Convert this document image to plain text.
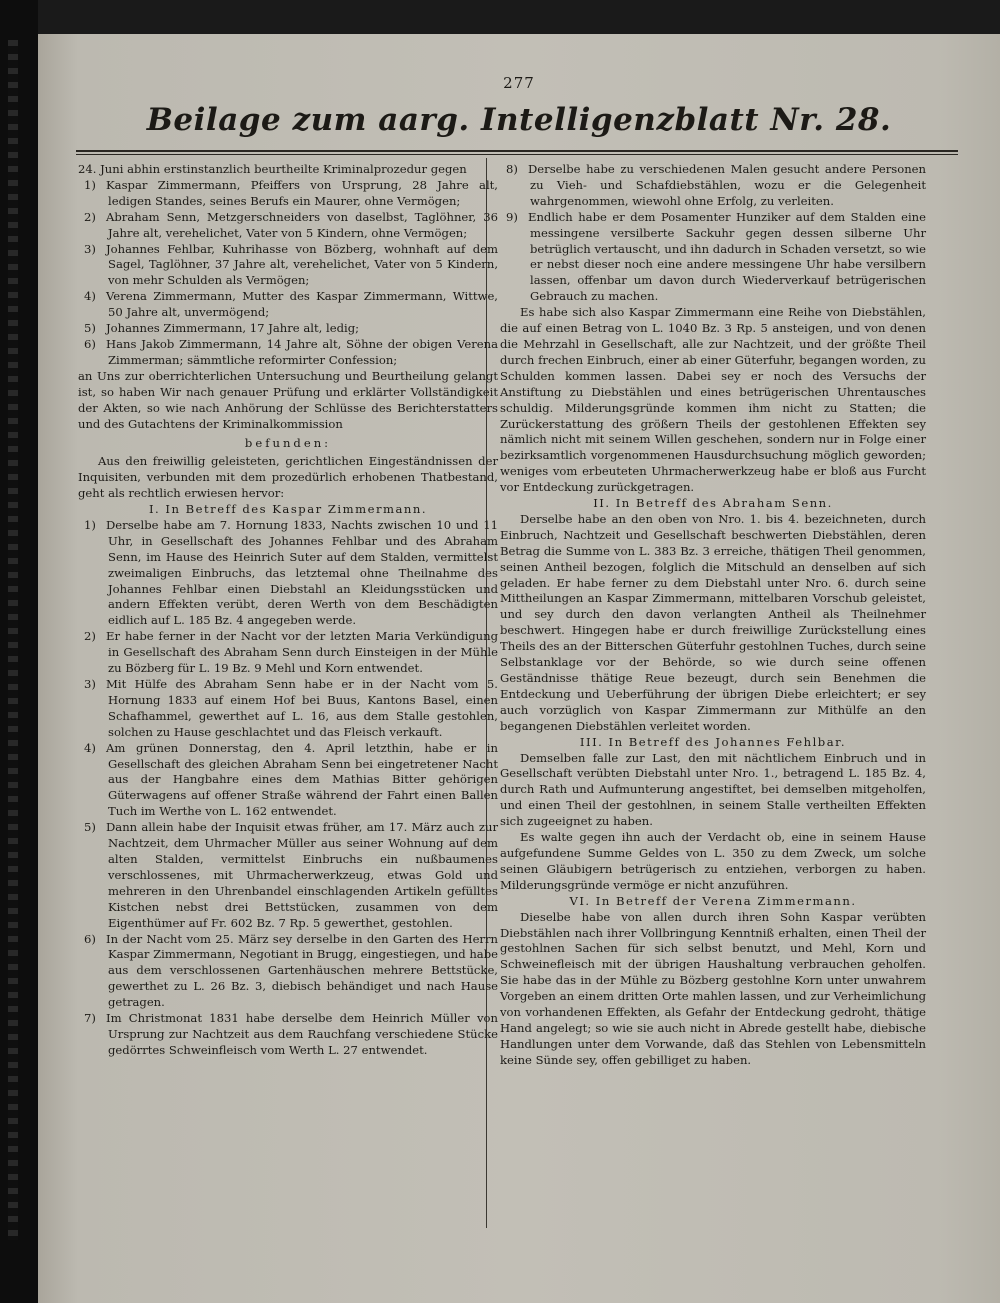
277
Beilage zum aarg. Intelligenzblatt Nr. 28.

24. Juni abhin erstinstanzlich beurtheilte Kriminalprozedur gegen

1) Kaspar Zimmermann, Pfeiffers von Ursprung, 28 Jahre alt, ledigen Standes, seines Berufs ein Maurer, ohne Vermögen;

2) Abraham Senn, Metzgerschneiders von daselbst, Taglöhner, 36 Jahre alt, verehelichet, Vater von 5 Kindern, ohne Vermögen;

3) Johannes Fehlbar, Kuhrihasse von Bözberg, wohnhaft auf dem Sagel, Taglöhner, 37 Jahre alt, verehelichet, Vater von 5 Kindern, von mehr Schulden als Vermögen;

4) Verena Zimmermann, Mutter des Kaspar Zimmermann, Wittwe, 50 Jahre alt, unvermögend;

5) Johannes Zimmermann, 17 Jahre alt, ledig;

6) Hans Jakob Zimmermann, 14 Jahre alt, Söhne der obigen Verena Zimmerman; sämmtliche reformirter Confession;

an Uns zur oberrichterlichen Untersuchung und Beurtheilung gelangt ist, so haben Wir nach genauer Prüfung und erklärter Vollständigkeit der Akten, so wie nach Anhörung der Schlüsse des Berichterstatters und des Gutachtens der Kriminalkommission

befunden:

Aus den freiwillig geleisteten, gerichtlichen Eingeständnissen der Inquisiten, verbunden mit dem prozedürlich erhobenen Thatbestand, geht als rechtlich erwiesen hervor:

I. In Betreff des Kaspar Zimmermann.

1) Derselbe habe am 7. Hornung 1833, Nachts zwischen 10 und 11 Uhr, in Gesellschaft des Johannes Fehlbar und des Abraham Senn, im Hause des Heinrich Suter auf dem Stalden, vermittelst zweimaligen Einbruchs, das letztemal ohne Theilnahme des Johannes Fehlbar einen Diebstahl an Kleidungsstücken und andern Effekten verübt, deren Werth von dem Beschädigten eidlich auf L. 185 Bz. 4 angegeben werde.

2) Er habe ferner in der Nacht vor der letzten Maria Verkündigung in Gesellschaft des Abraham Senn durch Einsteigen in der Mühle zu Bözberg für L. 19 Bz. 9 Mehl und Korn entwendet.

3) Mit Hülfe des Abraham Senn habe er in der Nacht vom 5. Hornung 1833 auf einem Hof bei Buus, Kantons Basel, einen Schafhammel, gewerthet auf L. 16, aus dem Stalle gestohlen, solchen zu Hause geschlachtet und das Fleisch verkauft.

4) Am grünen Donnerstag, den 4. April letzthin, habe er in Gesellschaft des gleichen Abraham Senn bei eingetretener Nacht aus der Hangbahre eines dem Mathias Bitter gehörigen Güterwagens auf offener Straße während der Fahrt einen Ballen Tuch im Werthe von L. 162 entwendet.

5) Dann allein habe der Inquisit etwas früher, am 17. März auch zur Nachtzeit, dem Uhrmacher Müller aus seiner Wohnung auf dem alten Stalden, vermittelst Einbruchs ein nußbaumenes verschlossenes, mit Uhrmacherwerkzeug, etwas Gold und mehreren in den Uhrenbandel einschlagenden Artikeln gefülltes Kistchen nebst drei Bettstücken, zusammen von dem Eigenthümer auf Fr. 602 Bz. 7 Rp. 5 gewerthet, gestohlen.

6) In der Nacht vom 25. März sey derselbe in den Garten des Herrn Kaspar Zimmermann, Negotiant in Brugg, eingestiegen, und habe aus dem verschlossenen Gartenhäuschen mehrere Bettstücke, gewerthet zu L. 26 Bz. 3, diebisch behändiget und nach Hause getragen.

7) Im Christmonat 1831 habe derselbe dem Heinrich Müller von Ursprung zur Nachtzeit aus dem Rauchfang verschiedene Stücke gedörrtes Schweinfleisch vom Werth L. 27 entwendet.

8) Derselbe habe zu verschiedenen Malen gesucht andere Personen zu Vieh- und Schafdiebstählen, wozu er die Gelegenheit wahrgenommen, wiewohl ohne Erfolg, zu verleiten.

9) Endlich habe er dem Posamenter Hunziker auf dem Stalden eine messingene versilberte Sackuhr gegen dessen silberne Uhr betrüglich vertauscht, und ihn dadurch in Schaden versetzt, so wie er nebst dieser noch eine andere messingene Uhr habe versilbern lassen, offenbar um davon durch Wiederverkauf betrügerischen Gebrauch zu machen.

Es habe sich also Kaspar Zimmermann eine Reihe von Diebstählen, die auf einen Betrag von L. 1040 Bz. 3 Rp. 5 ansteigen, und von denen die Mehrzahl in Gesellschaft, alle zur Nachtzeit, und der größte Theil durch frechen Einbruch, einer ab einer Güterfuhr, begangen worden, zu Schulden kommen lassen. Dabei sey er noch des Versuchs der Anstiftung zu Diebstählen und eines betrügerischen Uhrentausches schuldig. Milderungsgründe kommen ihm nicht zu Statten; die Zurückerstattung des größern Theils der gestohlenen Effekten sey nämlich nicht mit seinem Willen geschehen, sondern nur in Folge einer bezirksamtlich vorgenommenen Hausdurchsuchung möglich geworden; weniges vom erbeuteten Uhrmacherwerkzeug habe er bloß aus Furcht vor Entdeckung zurückgetragen.

II. In Betreff des Abraham Senn.

Derselbe habe an den oben von Nro. 1. bis 4. bezeichneten, durch Einbruch, Nachtzeit und Gesellschaft beschwerten Diebstählen, deren Betrag die Summe von L. 383 Bz. 3 erreiche, thätigen Theil genommen, seinen Antheil bezogen, folglich die Mitschuld an denselben auf sich geladen. Er habe ferner zu dem Diebstahl unter Nro. 6. durch seine Mittheilungen an Kaspar Zimmermann, mittelbaren Vorschub geleistet, und sey durch den davon verlangten Antheil als Theilnehmer beschwert. Hingegen habe er durch freiwillige Zurückstellung eines Theils des an der Bitterschen Güterfuhr gestohlnen Tuches, durch seine Selbstanklage vor der Behörde, so wie durch seine offenen Geständnisse thätige Reue bezeugt, durch sein Benehmen die Entdeckung und Ueberführung der übrigen Diebe erleichtert; er sey auch vorzüglich von Kaspar Zimmermann zur Mithülfe an den begangenen Diebstählen verleitet worden.

III. In Betreff des Johannes Fehlbar.

Demselben falle zur Last, den mit nächtlichem Einbruch und in Gesellschaft verübten Diebstahl unter Nro. 1., betragend L. 185 Bz. 4, durch Rath und Aufmunterung angestiftet, bei demselben mitgeholfen, und einen Theil der gestohlnen, in seinem Stalle vertheilten Effekten sich zugeeignet zu haben.

Es walte gegen ihn auch der Verdacht ob, eine in seinem Hause aufgefundene Summe Geldes von L. 350 zu dem Zweck, um solche seinen Gläubigern betrügerisch zu entziehen, verborgen zu haben. Milderungsgründe vermöge er nicht anzuführen.

VI. In Betreff der Verena Zimmermann.

Dieselbe habe von allen durch ihren Sohn Kaspar verübten Diebstählen nach ihrer Vollbringung Kenntniß erhalten, einen Theil der gestohlnen Sachen für sich selbst benutzt, und Mehl, Korn und Schweinefleisch mit der übrigen Haushaltung verbrauchen geholfen. Sie habe das in der Mühle zu Bözberg gestohlne Korn unter unwahrem Vorgeben an einem dritten Orte mahlen lassen, und zur Verheimlichung von vorhandenen Effekten, als Gefahr der Entdeckung gedroht, thätige Hand angelegt; so wie sie auch nicht in Abrede gestellt habe, diebische Handlungen unter dem Vorwande, daß das Stehlen von Lebensmitteln keine Sünde sey, offen gebilliget zu haben.
